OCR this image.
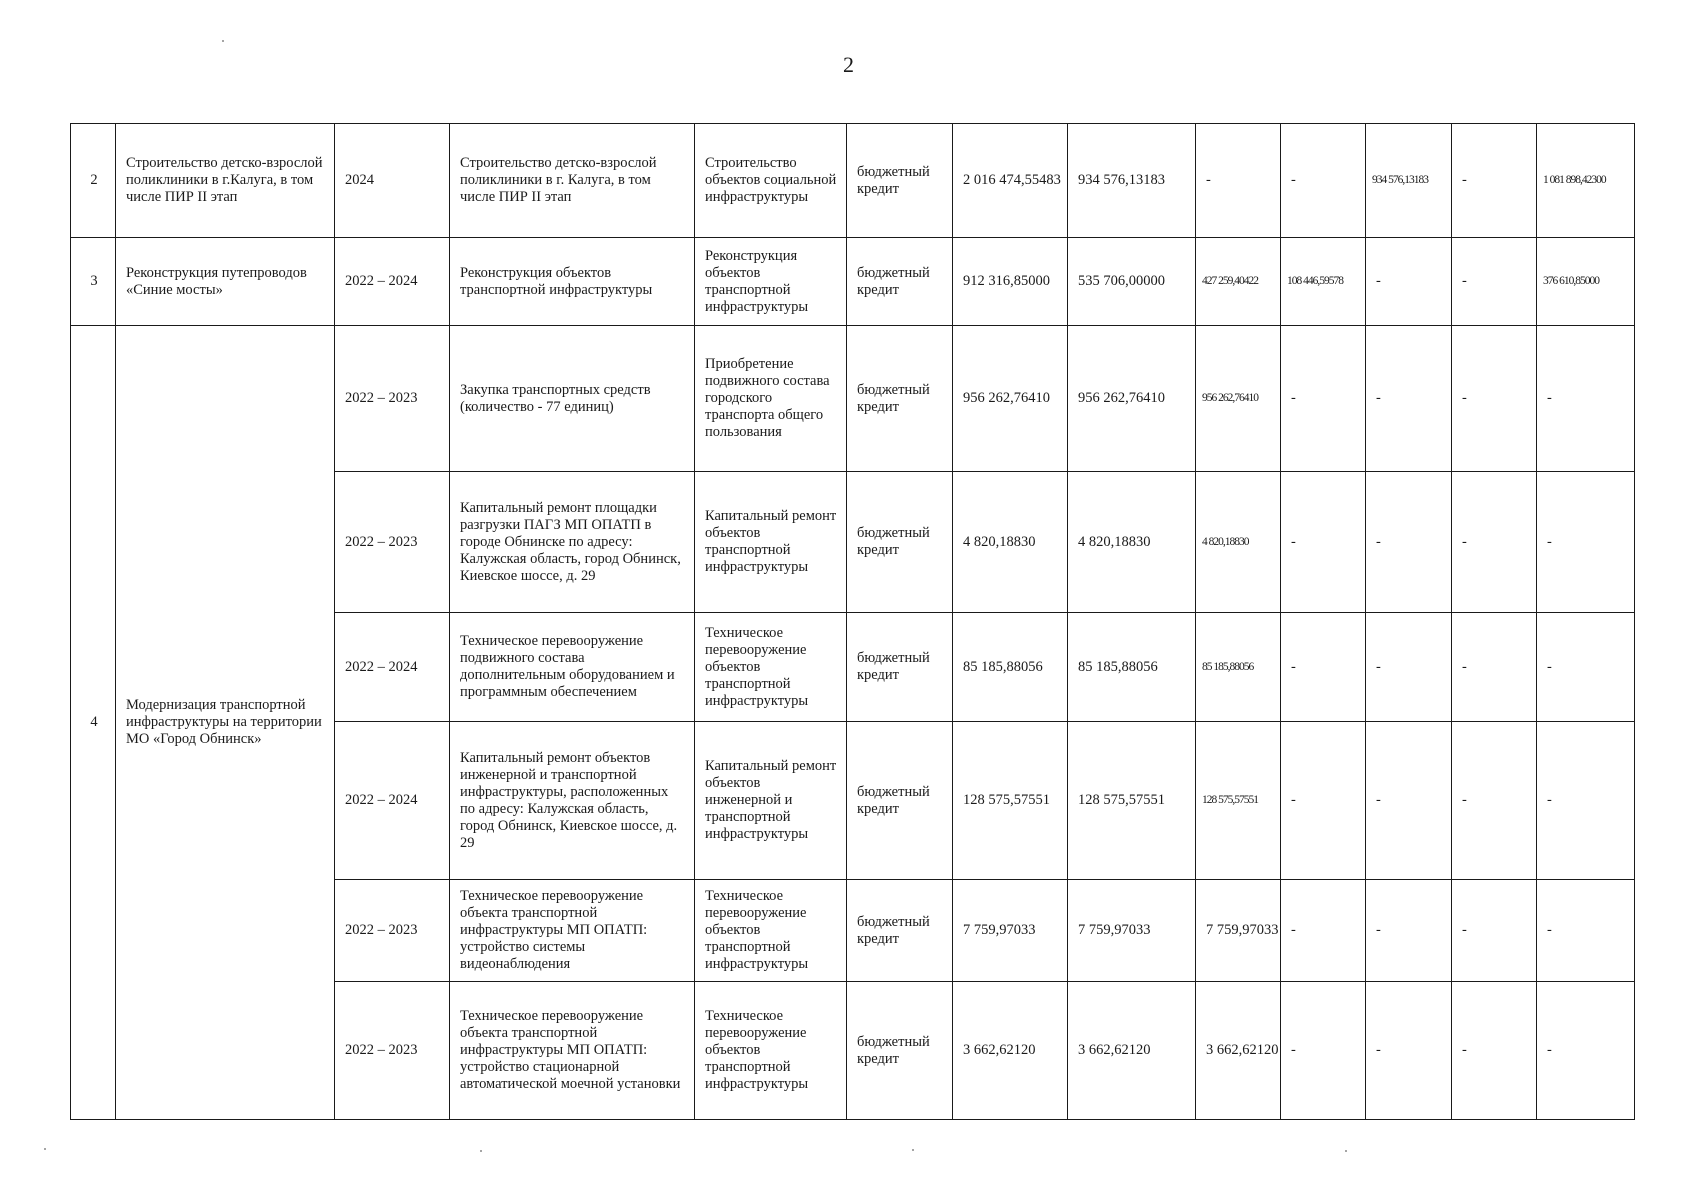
2
2	Строительство детско-взрослой поликлиники в г.Калуга, в том числе ПИР II этап	2024	Строительство детско-взрослой поликлиники в г. Калуга, в том числе ПИР II этап	Строительство объектов социальной инфраструктуры	бюджетный кредит	2 016 474,55483	934 576,13183	-	-	934 576,13183	-	1 081 898,42300
3	Реконструкция путепроводов «Синие мосты»	2022 – 2024	Реконструкция объектов транспортной инфраструктуры	Реконструкция объектов транспортной инфраструктуры	бюджетный кредит	912 316,85000	535 706,00000	427 259,40422	108 446,59578	-	-	376 610,85000
4	Модернизация транспортной инфраструктуры на территории МО «Город Обнинск»	2022 – 2023	Закупка транспортных средств (количество - 77 единиц)	Приобретение подвижного состава городского транспорта общего пользования	бюджетный кредит	956 262,76410	956 262,76410	956 262,76410	-	-	-	-
		2022 – 2023	Капитальный ремонт площадки разгрузки ПАГЗ МП ОПАТП в городе Обнинске по адресу: Калужская область, город Обнинск, Киевское шоссе, д. 29	Капитальный ремонт объектов транспортной инфраструктуры	бюджетный кредит	4 820,18830	4 820,18830	4 820,18830	-	-	-	-
		2022 – 2024	Техническое перевооружение подвижного состава дополнительным оборудованием и программным обеспечением	Техническое перевооружение объектов транспортной инфраструктуры	бюджетный кредит	85 185,88056	85 185,88056	85 185,88056	-	-	-	-
		2022 – 2024	Капитальный ремонт объектов инженерной и транспортной инфраструктуры, расположенных по адресу: Калужская область, город Обнинск, Киевское шоссе, д. 29	Капитальный ремонт объектов инженерной и транспортной инфраструктуры	бюджетный кредит	128 575,57551	128 575,57551	128 575,57551	-	-	-	-
		2022 – 2023	Техническое перевооружение объекта транспортной инфраструктуры МП ОПАТП: устройство системы видеонаблюдения	Техническое перевооружение объектов транспортной инфраструктуры	бюджетный кредит	7 759,97033	7 759,97033	7 759,97033	-	-	-	-
		2022 – 2023	Техническое перевооружение объекта транспортной инфраструктуры МП ОПАТП: устройство стационарной автоматической моечной установки	Техническое перевооружение объектов транспортной инфраструктуры	бюджетный кредит	3 662,62120	3 662,62120	3 662,62120	-	-	-	-
